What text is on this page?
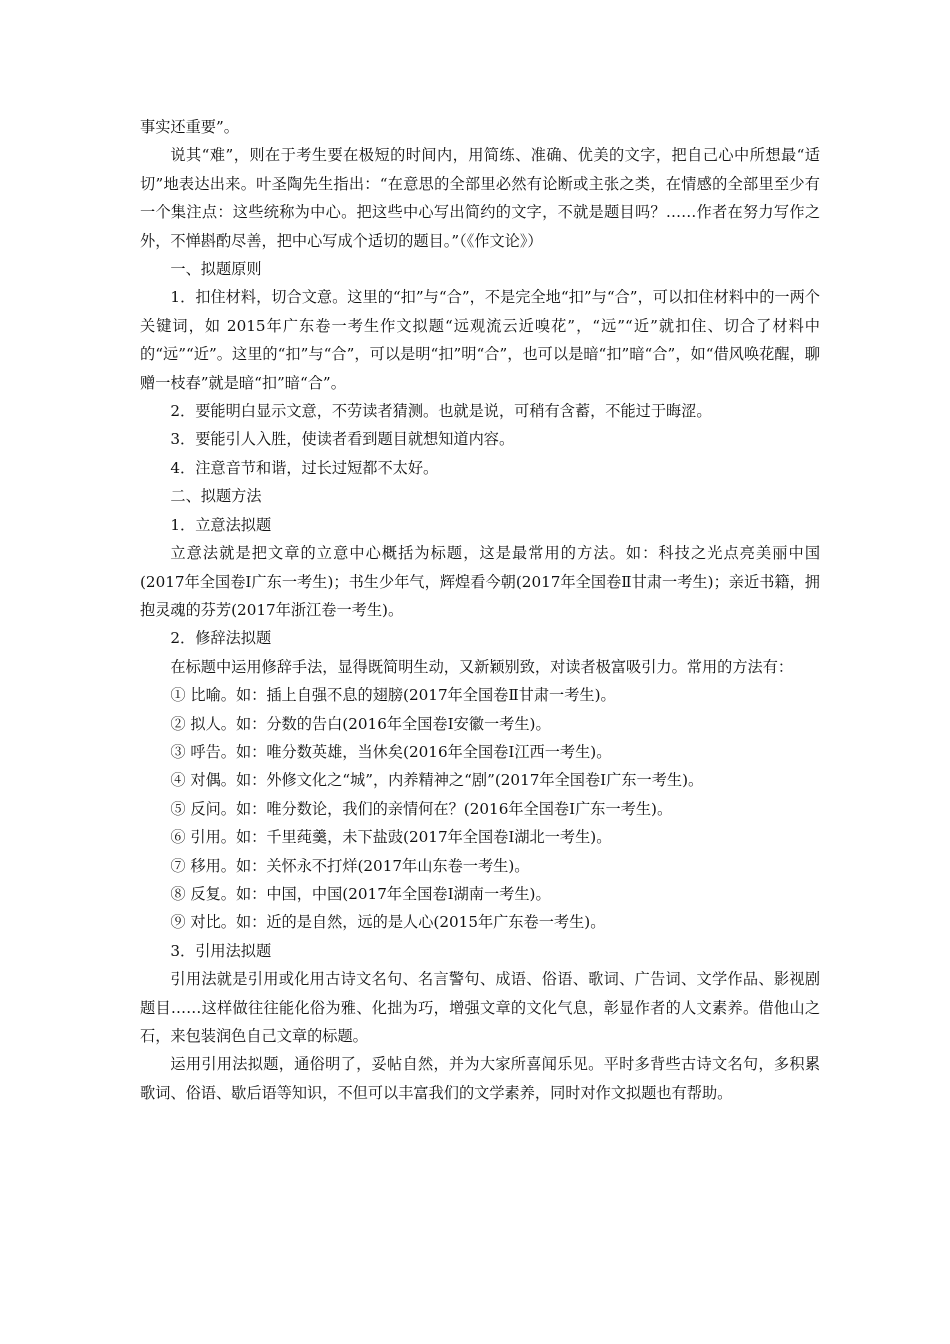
事实还重要”。

说其“难”，则在于考生要在极短的时间内，用简练、准确、优美的文字，把自己心中所想最“适切”地表达出来。叶圣陶先生指出：“在意思的全部里必然有论断或主张之类，在情感的全部里至少有一个集注点：这些统称为中心。把这些中心写出简约的文字，不就是题目吗？……作者在努力写作之外，不惮斟酌尽善，把中心写成个适切的题目。”（《作文论》）

一、拟题原则

1．扣住材料，切合文意。这里的“扣”与“合”，不是完全地“扣”与“合”，可以扣住材料中的一两个关键词，如 2015年广东卷一考生作文拟题“远观流云近嗅花”，“远”“近”就扣住、切合了材料中的“远”“近”。这里的“扣”与“合”，可以是明“扣”明“合”，也可以是暗“扣”暗“合”，如“借风唤花醒，聊赠一枝春”就是暗“扣”暗“合”。

2．要能明白显示文意，不劳读者猜测。也就是说，可稍有含蓄，不能过于晦涩。

3．要能引人入胜，使读者看到题目就想知道内容。

4．注意音节和谐，过长过短都不太好。

二、拟题方法

1．立意法拟题

立意法就是把文章的立意中心概括为标题，这是最常用的方法。如：科技之光点亮美丽中国(2017年全国卷Ⅰ广东一考生)；书生少年气，辉煌看今朝(2017年全国卷Ⅱ甘肃一考生)；亲近书籍，拥抱灵魂的芬芳(2017年浙江卷一考生)。

2．修辞法拟题

在标题中运用修辞手法，显得既简明生动，又新颖别致，对读者极富吸引力。常用的方法有：

① 比喻。如：插上自强不息的翅膀(2017年全国卷Ⅱ甘肃一考生)。

② 拟人。如：分数的告白(2016年全国卷Ⅰ安徽一考生)。

③ 呼告。如：唯分数英雄，当休矣(2016年全国卷Ⅰ江西一考生)。

④ 对偶。如：外修文化之“城”，内养精神之“剧”(2017年全国卷Ⅰ广东一考生)。

⑤ 反问。如：唯分数论，我们的亲情何在？(2016年全国卷Ⅰ广东一考生)。

⑥ 引用。如：千里莼羹，未下盐豉(2017年全国卷Ⅰ湖北一考生)。

⑦ 移用。如：关怀永不打烊(2017年山东卷一考生)。

⑧ 反复。如：中国，中国(2017年全国卷Ⅰ湖南一考生)。

⑨ 对比。如：近的是自然，远的是人心(2015年广东卷一考生)。

3．引用法拟题

引用法就是引用或化用古诗文名句、名言警句、成语、俗语、歌词、广告词、文学作品、影视剧题目……这样做往往能化俗为雅、化拙为巧，增强文章的文化气息，彰显作者的人文素养。借他山之石，来包装润色自己文章的标题。

运用引用法拟题，通俗明了，妥帖自然，并为大家所喜闻乐见。平时多背些古诗文名句，多积累歌词、俗语、歇后语等知识，不但可以丰富我们的文学素养，同时对作文拟题也有帮助。
